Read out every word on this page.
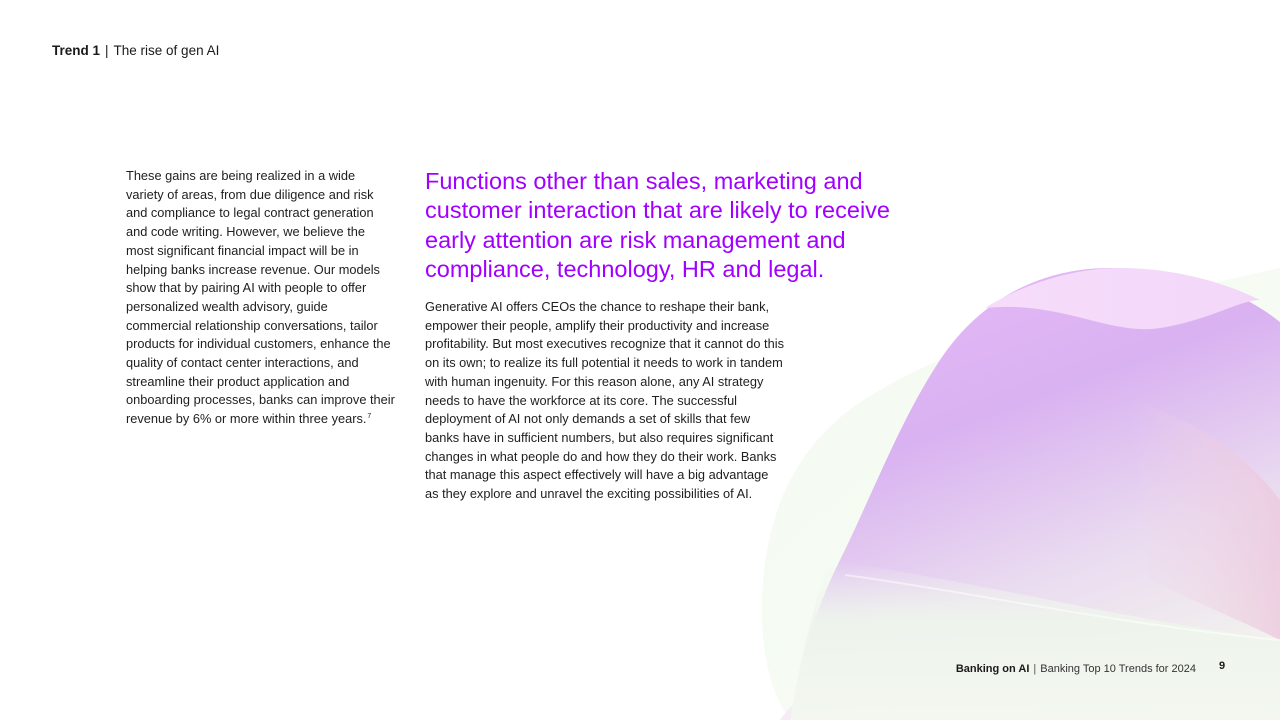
Trend 1 | The rise of gen AI
These gains are being realized in a wide variety of areas, from due diligence and risk and compliance to legal contract generation and code writing. However, we believe the most significant financial impact will be in helping banks increase revenue. Our models show that by pairing AI with people to offer personalized wealth advisory, guide commercial relationship conversations, tailor products for individual customers, enhance the quality of contact center interactions, and streamline their product application and onboarding processes, banks can improve their revenue by 6% or more within three years.$^7$
Functions other than sales, marketing and customer interaction that are likely to receive early attention are risk management and compliance, technology, HR and legal.
Generative AI offers CEOs the chance to reshape their bank, empower their people, amplify their productivity and increase profitability. But most executives recognize that it cannot do this on its own; to realize its full potential it needs to work in tandem with human ingenuity. For this reason alone, any AI strategy needs to have the workforce at its core. The successful deployment of AI not only demands a set of skills that few banks have in sufficient numbers, but also requires significant changes in what people do and how they do their work. Banks that manage this aspect effectively will have a big advantage as they explore and unravel the exciting possibilities of AI.
Banking on AI | Banking Top 10 Trends for 2024 9
